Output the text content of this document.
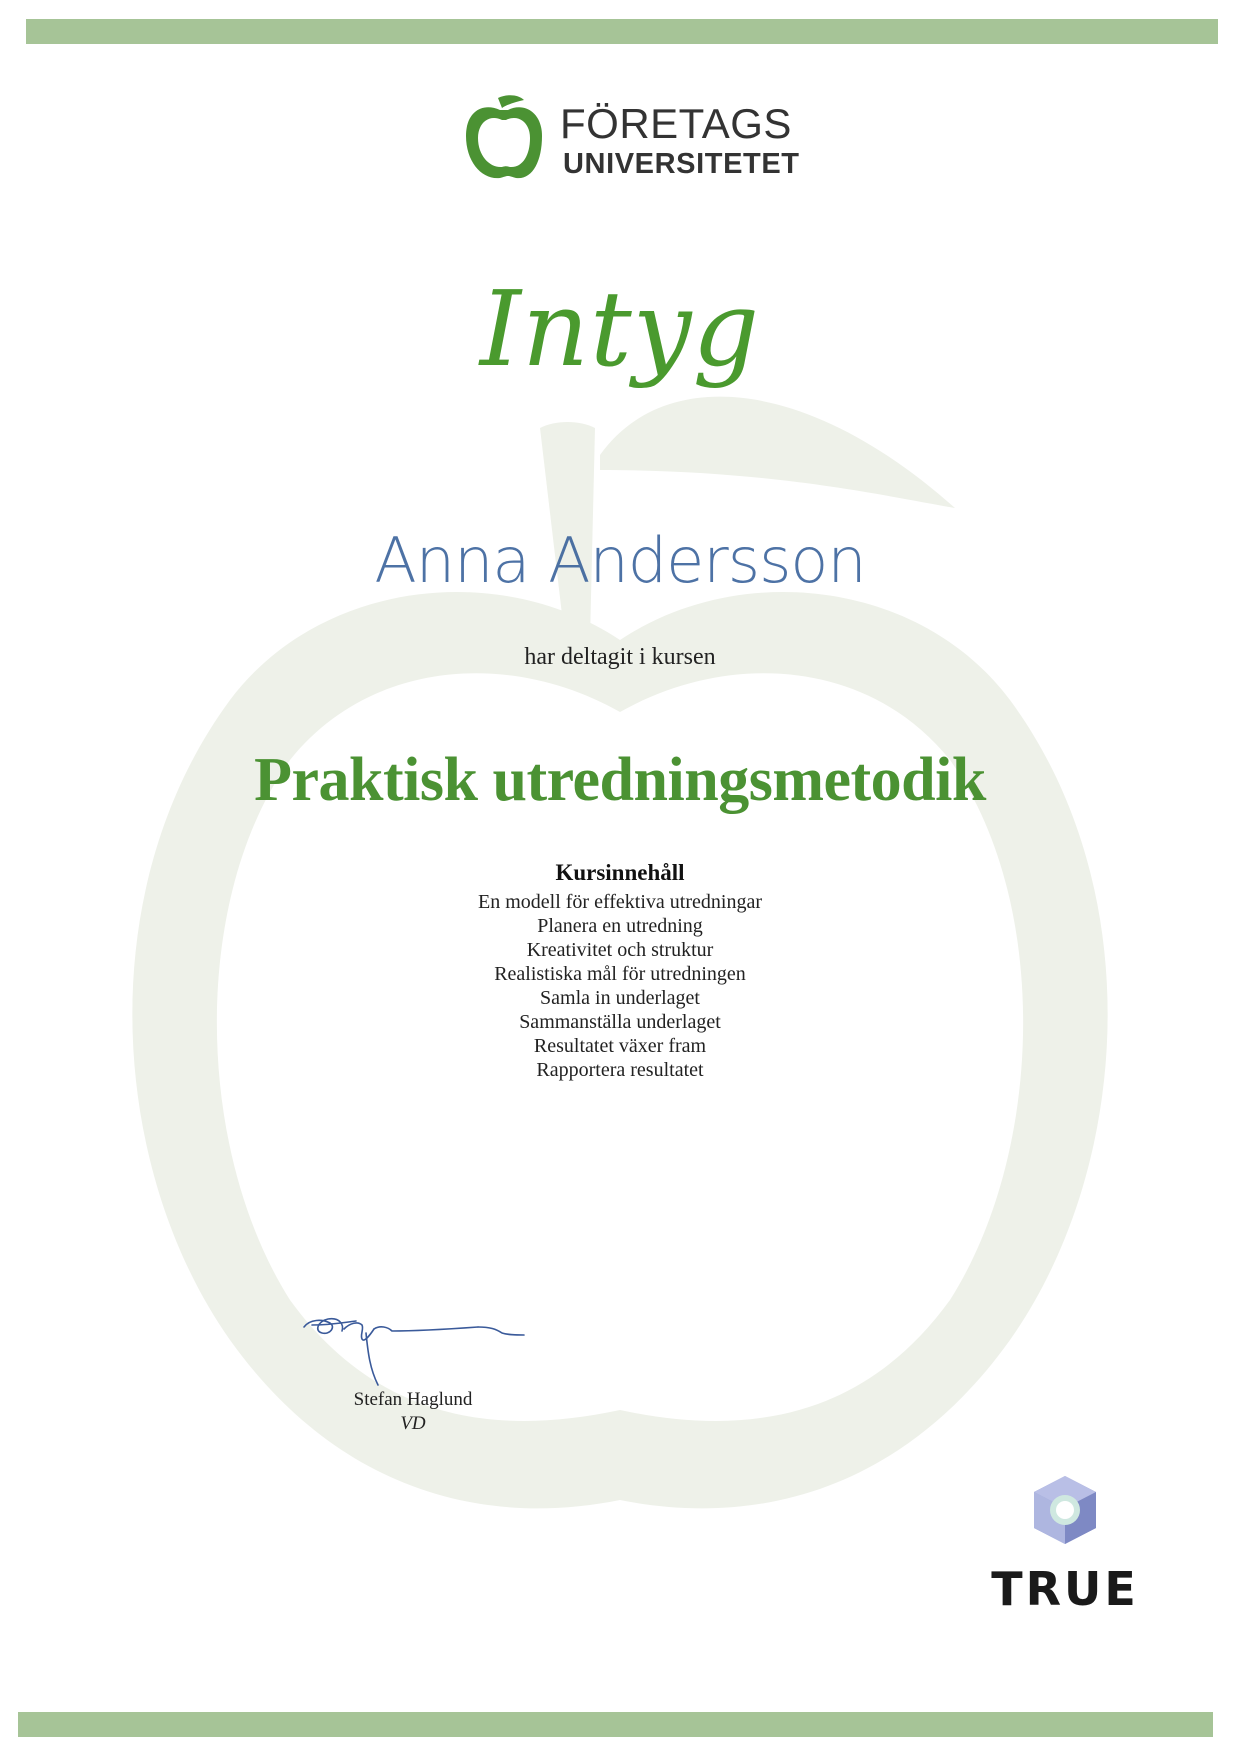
FÖRETAGS
UNIVERSITETET
Intyg
Anna Andersson
har deltagit i kursen
Praktisk utredningsmetodik
Kursinnehåll
En modell för effektiva utredningar
Planera en utredning
Kreativitet och struktur
Realistiska mål för utredningen
Samla in underlaget
Sammanställa underlaget
Resultatet växer fram
Rapportera resultatet
Stefan Haglund
VD
TRUE
